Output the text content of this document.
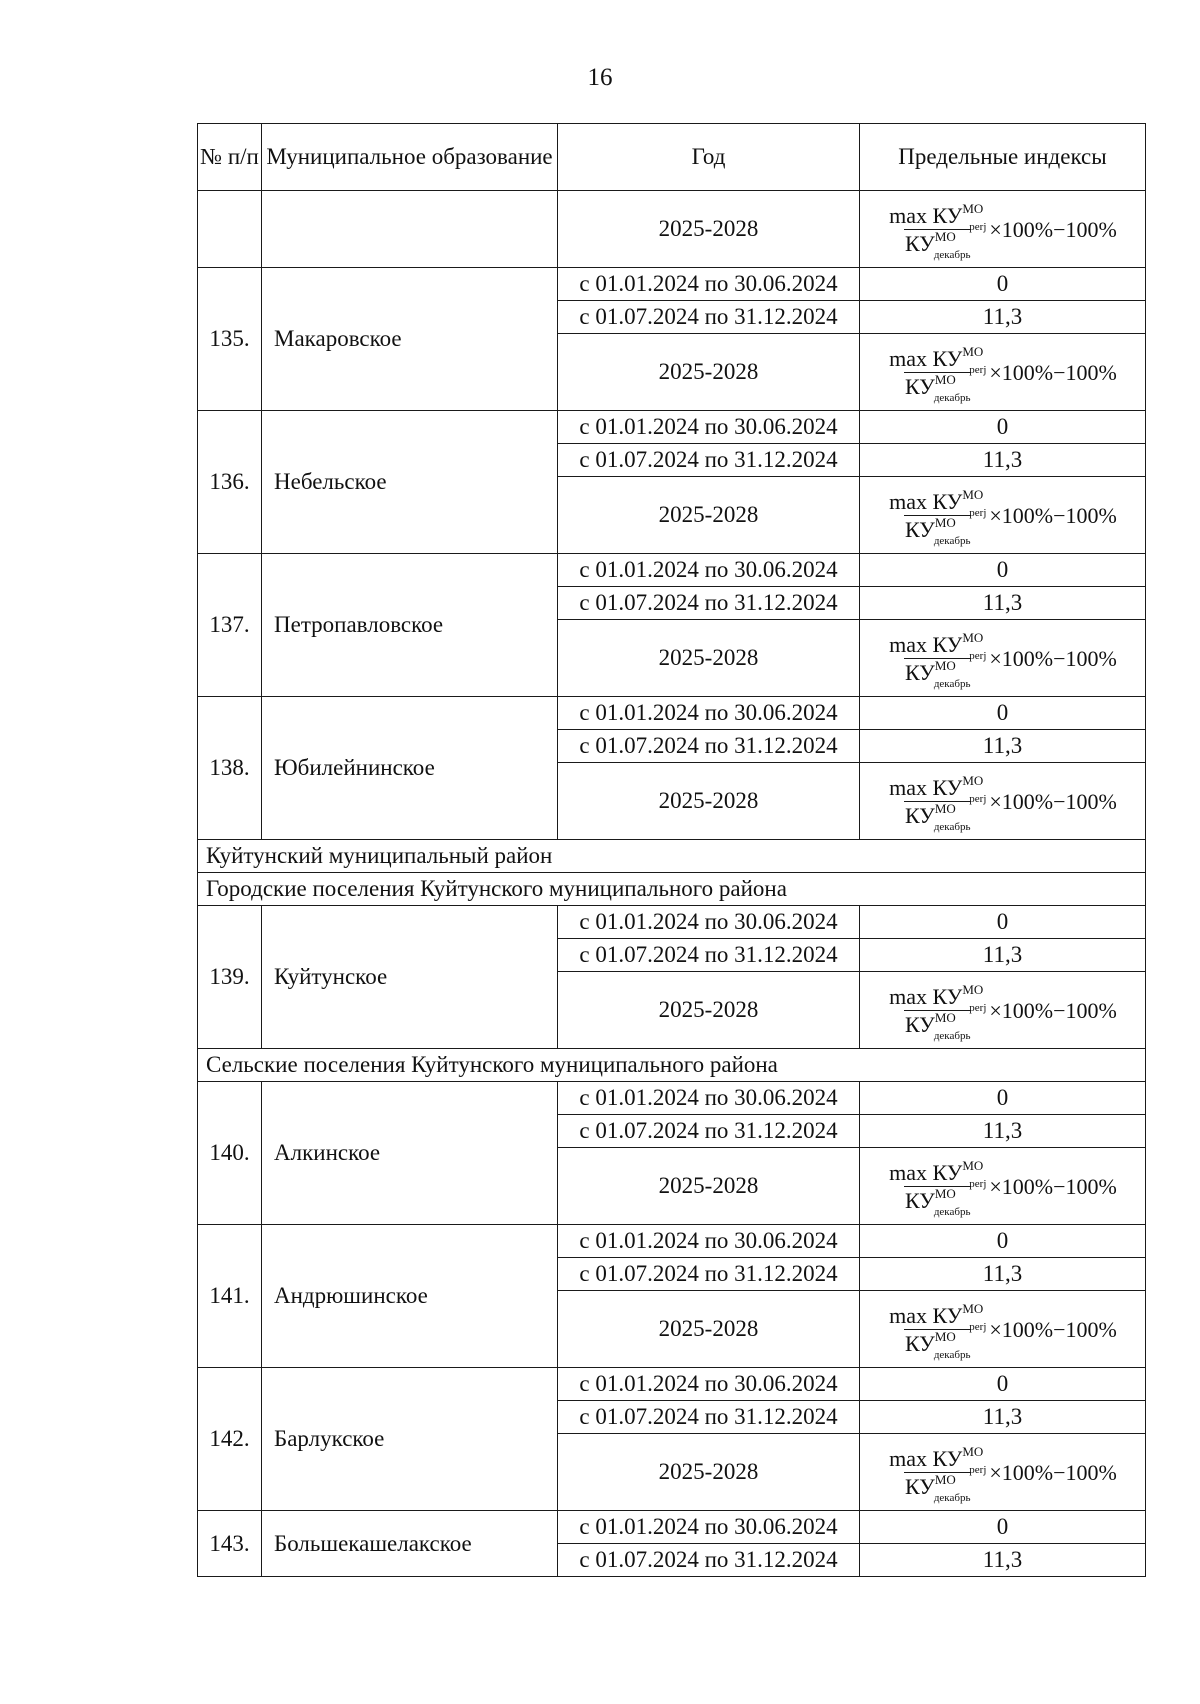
16
№ п/п	Муниципальное образование	Год	Предельные индексы
		2025-2028	$\frac{\max КУ^{МО}_{perj}}{КУ^{МО}_{декабрь}} \times 100\%-100\%$

135.	Макаровское	с 01.01.2024 по 30.06.2024	0
		с 01.07.2024 по 31.12.2024	11,3
		2025-2028	$\frac{\max КУ^{МО}_{perj}}{КУ^{МО}_{декабрь}} \times 100\%-100\%$

136.	Небельское	с 01.01.2024 по 30.06.2024	0
		с 01.07.2024 по 31.12.2024	11,3
		2025-2028	$\frac{\max КУ^{МО}_{perj}}{КУ^{МО}_{декабрь}} \times 100\%-100\%$

137.	Петропавловское	с 01.01.2024 по 30.06.2024	0
		с 01.07.2024 по 31.12.2024	11,3
		2025-2028	$\frac{\max КУ^{МО}_{perj}}{КУ^{МО}_{декабрь}} \times 100\%-100\%$

138.	Юбилейнинское	с 01.01.2024 по 30.06.2024	0
		с 01.07.2024 по 31.12.2024	11,3
		2025-2028	$\frac{\max КУ^{МО}_{perj}}{КУ^{МО}_{декабрь}} \times 100\%-100\%$

Куйтунский муниципальный район			
Городские поселения Куйтунского муниципального района			
139.	Куйтунское	с 01.01.2024 по 30.06.2024	0
		с 01.07.2024 по 31.12.2024	11,3
		2025-2028	$\frac{\max КУ^{МО}_{perj}}{КУ^{МО}_{декабрь}} \times 100\%-100\%$

Сельские поселения Куйтунского муниципального района			
140.	Алкинское	с 01.01.2024 по 30.06.2024	0
		с 01.07.2024 по 31.12.2024	11,3
		2025-2028	$\frac{\max КУ^{МО}_{perj}}{КУ^{МО}_{декабрь}} \times 100\%-100\%$

141.	Андрюшинское	с 01.01.2024 по 30.06.2024	0
		с 01.07.2024 по 31.12.2024	11,3
		2025-2028	$\frac{\max КУ^{МО}_{perj}}{КУ^{МО}_{декабрь}} \times 100\%-100\%$

142.	Барлукское	с 01.01.2024 по 30.06.2024	0
		с 01.07.2024 по 31.12.2024	11,3
		2025-2028	$\frac{\max КУ^{МО}_{perj}}{КУ^{МО}_{декабрь}} \times 100\%-100\%$

143.	Большекашелакское	с 01.01.2024 по 30.06.2024	0
		с 01.07.2024 по 31.12.2024	11,3
